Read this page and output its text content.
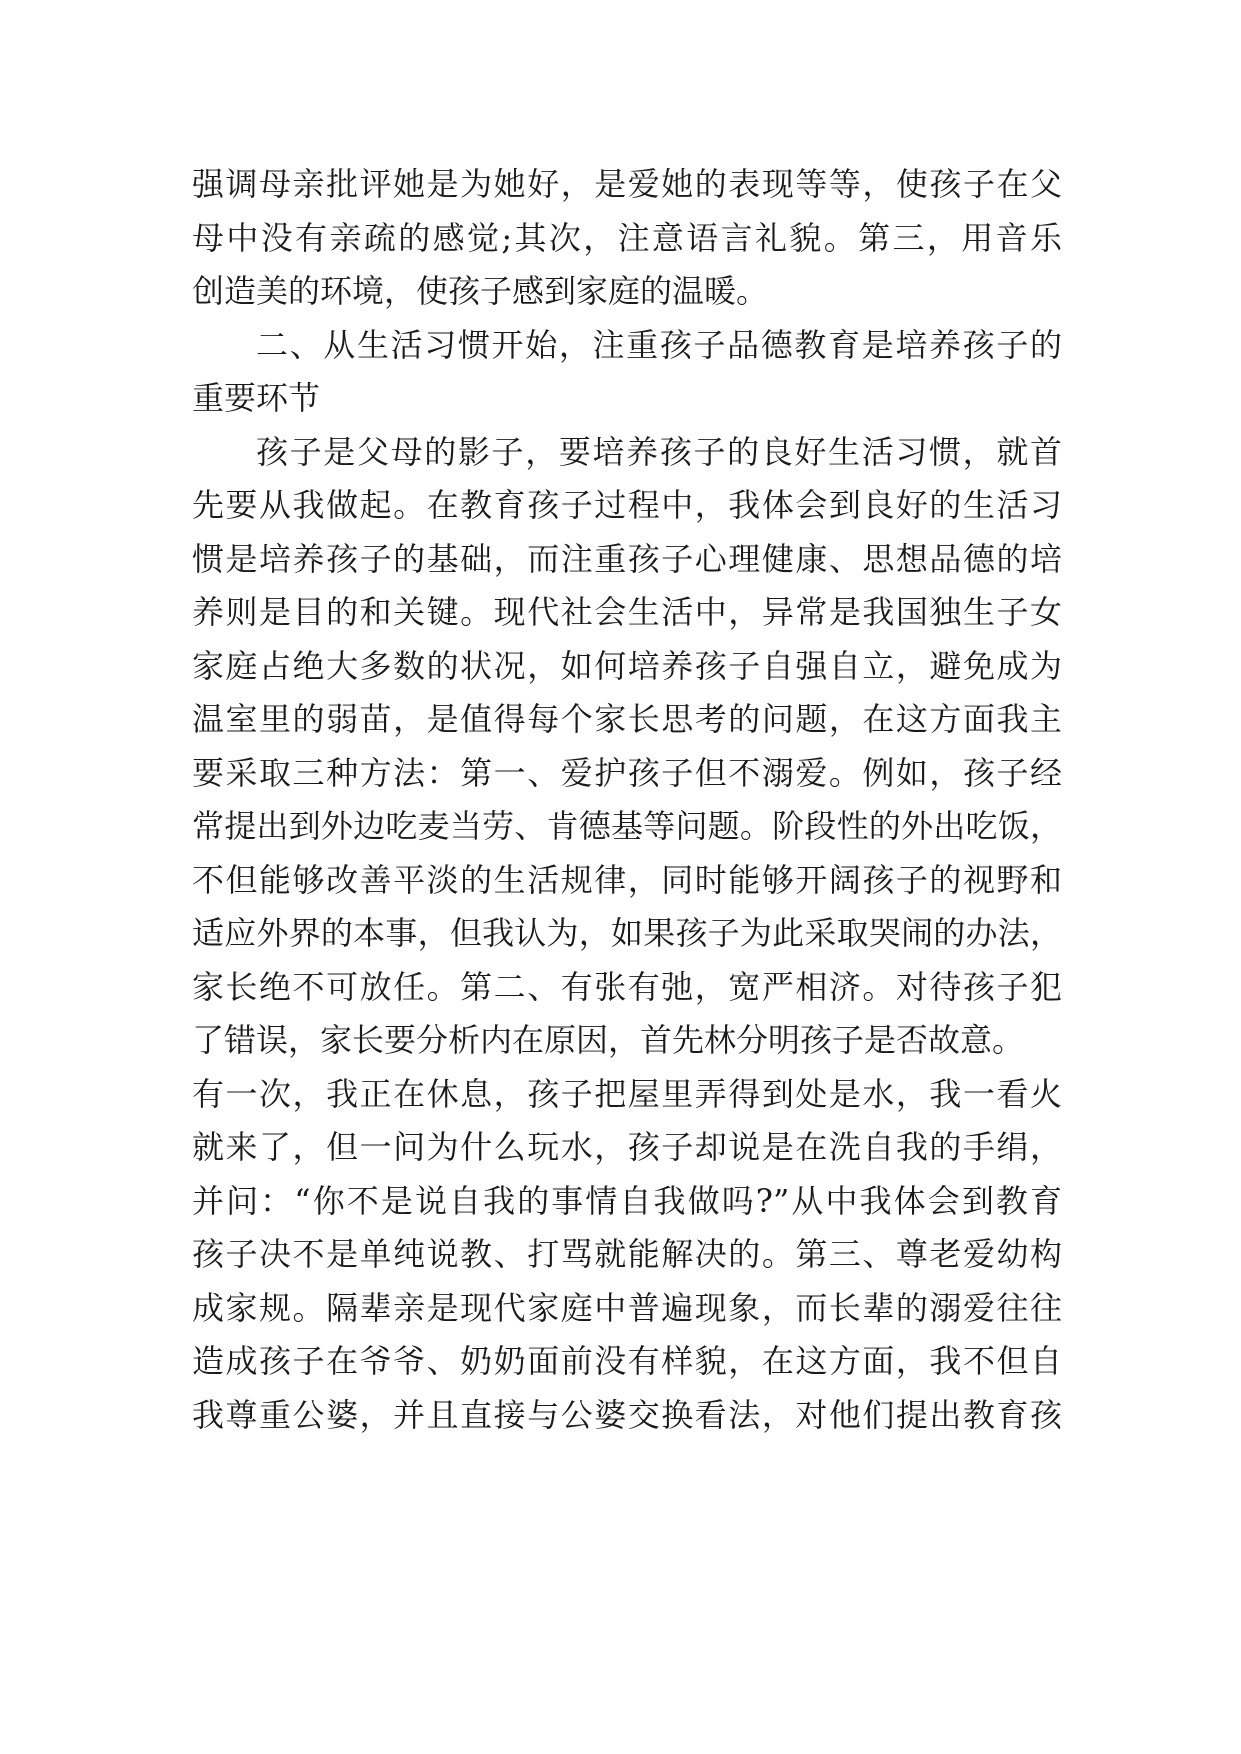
强调母亲批评她是为她好，是爱她的表现等等，使孩子在父
母中没有亲疏的感觉;其次，注意语言礼貌。第三，用音乐
创造美的环境，使孩子感到家庭的温暖。
二、从生活习惯开始，注重孩子品德教育是培养孩子的
重要环节
孩子是父母的影子，要培养孩子的良好生活习惯，就首
先要从我做起。在教育孩子过程中，我体会到良好的生活习
惯是培养孩子的基础，而注重孩子心理健康、思想品德的培
养则是目的和关键。现代社会生活中，异常是我国独生子女
家庭占绝大多数的状况，如何培养孩子自强自立，避免成为
温室里的弱苗，是值得每个家长思考的问题，在这方面我主
要采取三种方法：第一、爱护孩子但不溺爱。例如，孩子经
常提出到外边吃麦当劳、肯德基等问题。阶段性的外出吃饭，
不但能够改善平淡的生活规律，同时能够开阔孩子的视野和
适应外界的本事，但我认为，如果孩子为此采取哭闹的办法，
家长绝不可放任。第二、有张有弛，宽严相济。对待孩子犯
了错误，家长要分析内在原因，首先林分明孩子是否故意。
有一次，我正在休息，孩子把屋里弄得到处是水，我一看火
就来了，但一问为什么玩水，孩子却说是在洗自我的手绢，
并问：“你不是说自我的事情自我做吗?”从中我体会到教育
孩子决不是单纯说教、打骂就能解决的。第三、尊老爱幼构
成家规。隔辈亲是现代家庭中普遍现象，而长辈的溺爱往往
造成孩子在爷爷、奶奶面前没有样貌，在这方面，我不但自
我尊重公婆，并且直接与公婆交换看法，对他们提出教育孩
